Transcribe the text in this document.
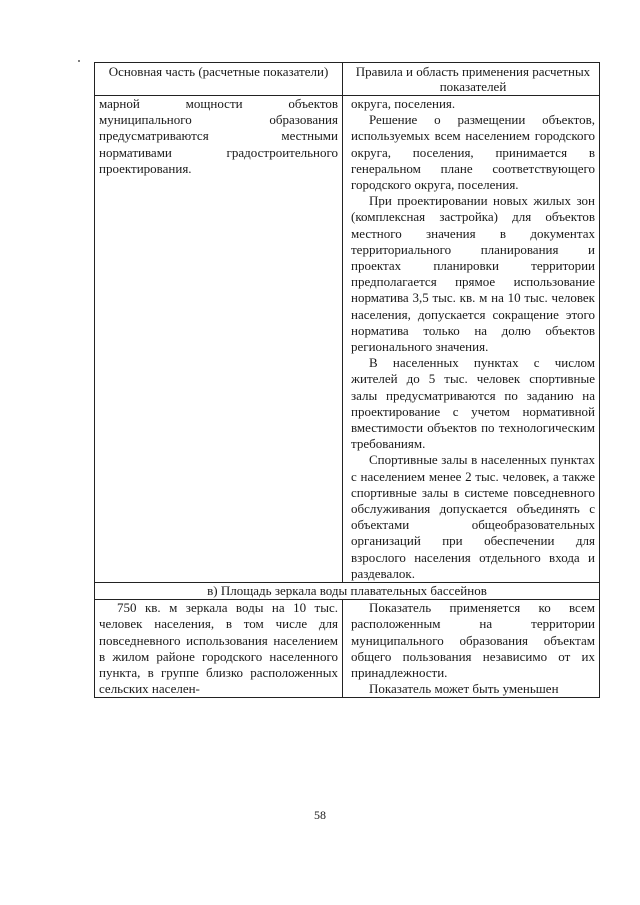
Основная часть (расчетные показатели)	Правила и область применения расчетных показателей

марной мощности объектов муниципального образования предусматриваются местными нормативами градостроительного проектирования.

округа, поселения.

Решение о размещении объектов, используемых всем населением городского округа, поселения, принимается в генеральном плане соответствующего городского округа, поселения.

При проектировании новых жилых зон (комплексная застройка) для объектов местного значения в документах территориального планирования и проектах планировки территории предполагается прямое использование норматива 3,5 тыс. кв. м на 10 тыс. человек населения, допускается сокращение этого норматива только на долю объектов регионального значения.

В населенных пунктах с числом жителей до 5 тыс. человек спортивные залы предусматриваются по заданию на проектирование с учетом нормативной вместимости объектов по технологическим требованиям.

Спортивные залы в населенных пунктах с населением менее 2 тыс. человек, а также спортивные залы в системе повседневного обслуживания допускается объединять с объектами общеобразовательных организаций при обеспечении для взрослого населения отдельного входа и раздевалок.

в) Площадь зеркала воды плавательных бассейнов

750 кв. м зеркала воды на 10 тыс. человек населения, в том числе для повседневного использования населением в жилом районе городского населенного пункта, в группе близко расположенных сельских населен-

Показатель применяется ко всем расположенным на территории муниципального образования объектам общего пользования независимо от их принадлежности.

Показатель может быть уменьшен

58
